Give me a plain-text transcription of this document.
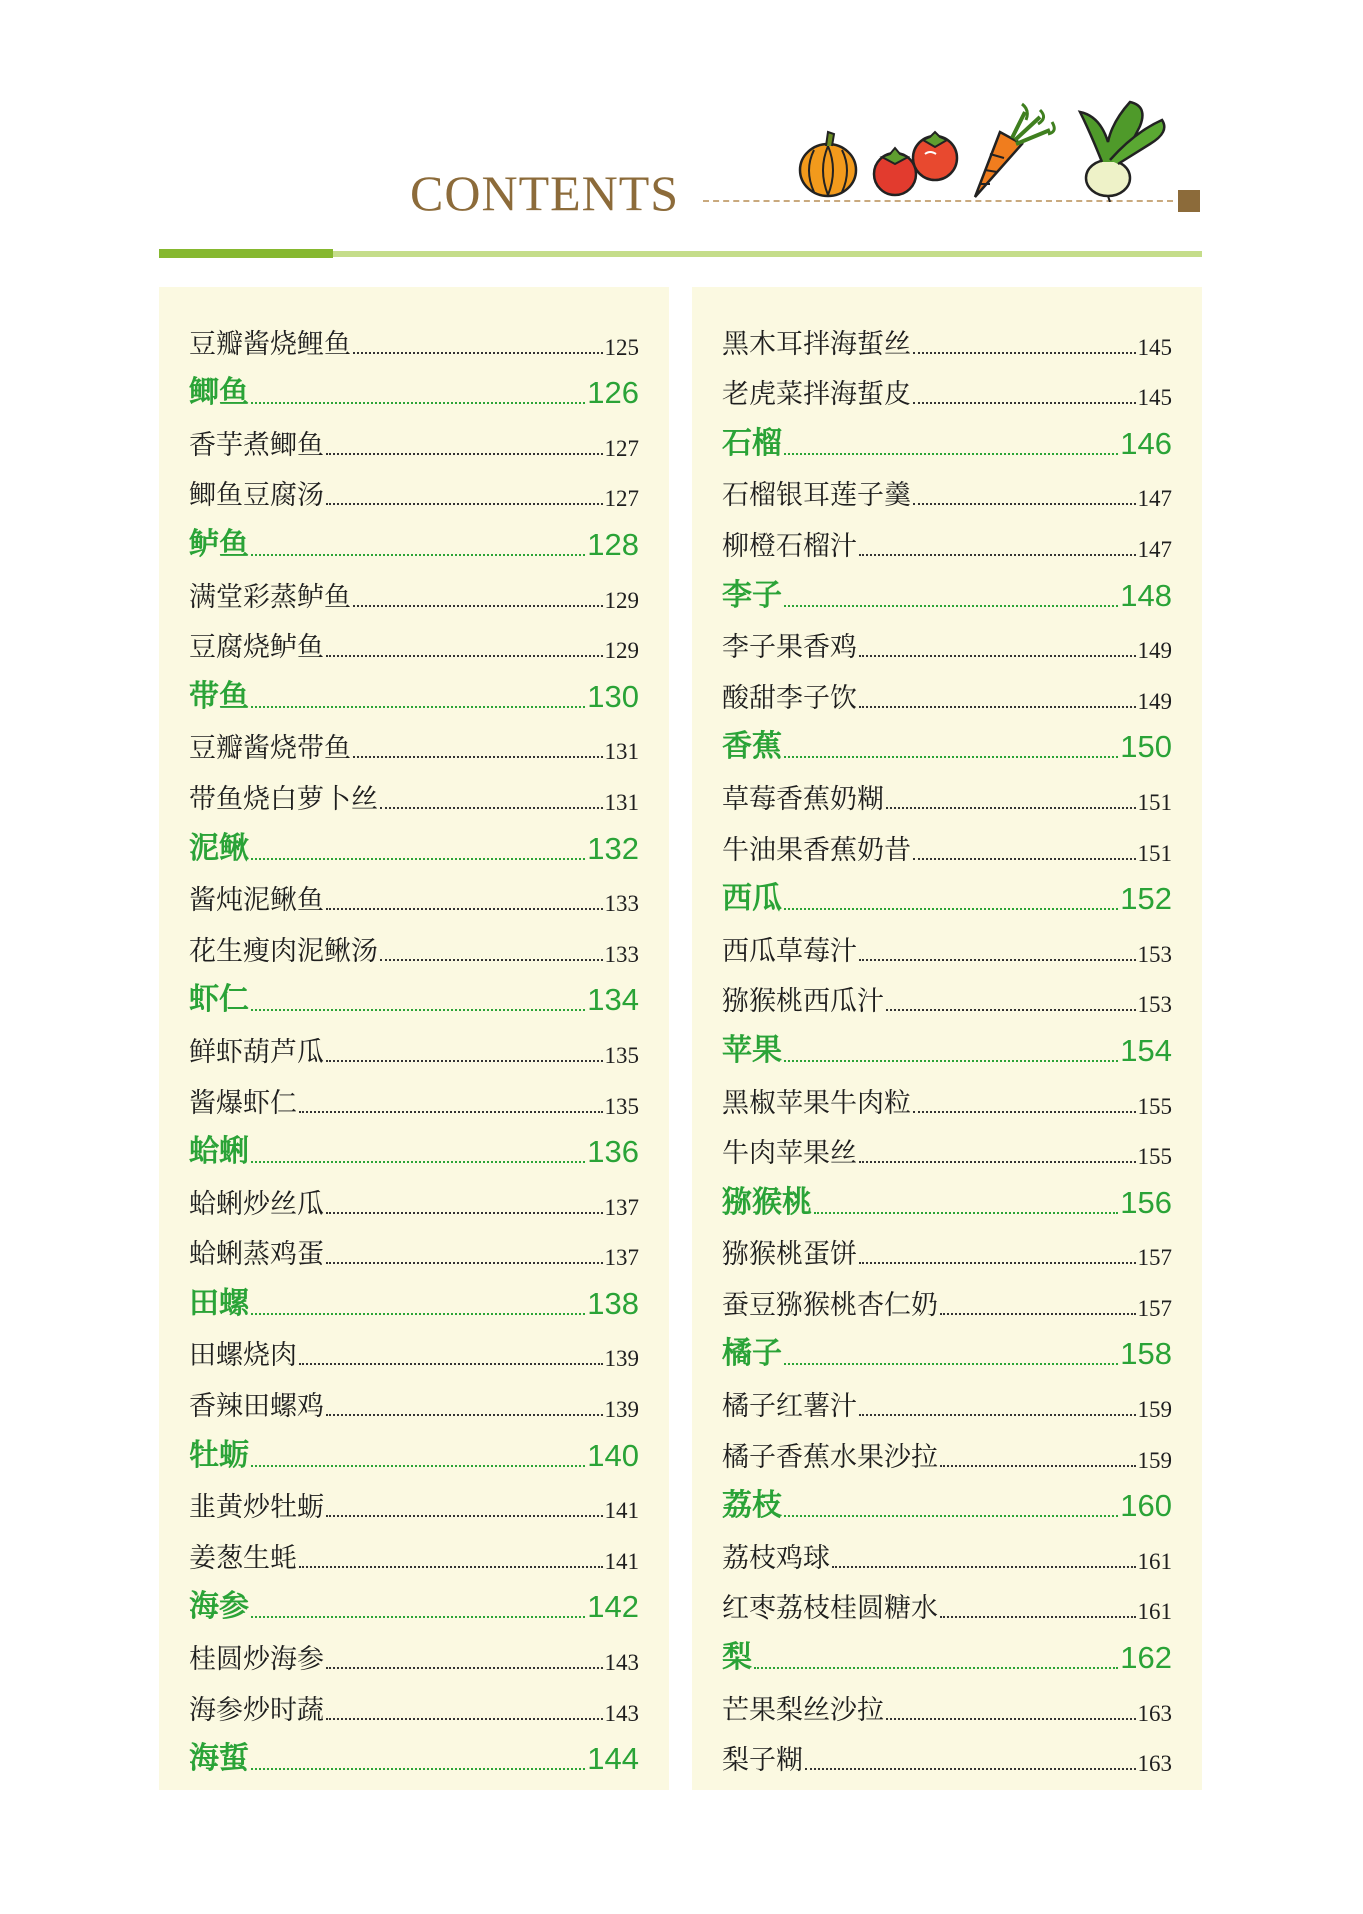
CONTENTS
豆瓣酱烧鲤鱼	125
鲫鱼	126
香芋煮鲫鱼	127
鲫鱼豆腐汤	127
鲈鱼	128
满堂彩蒸鲈鱼	129
豆腐烧鲈鱼	129
带鱼	130
豆瓣酱烧带鱼	131
带鱼烧白萝卜丝	131
泥鳅	132
酱炖泥鳅鱼	133
花生瘦肉泥鳅汤	133
虾仁	134
鲜虾葫芦瓜	135
酱爆虾仁	135
蛤蜊	136
蛤蜊炒丝瓜	137
蛤蜊蒸鸡蛋	137
田螺	138
田螺烧肉	139
香辣田螺鸡	139
牡蛎	140
韭黄炒牡蛎	141
姜葱生蚝	141
海参	142
桂圆炒海参	143
海参炒时蔬	143
海蜇	144
黑木耳拌海蜇丝	145
老虎菜拌海蜇皮	145
石榴	146
石榴银耳莲子羹	147
柳橙石榴汁	147
李子	148
李子果香鸡	149
酸甜李子饮	149
香蕉	150
草莓香蕉奶糊	151
牛油果香蕉奶昔	151
西瓜	152
西瓜草莓汁	153
猕猴桃西瓜汁	153
苹果	154
黑椒苹果牛肉粒	155
牛肉苹果丝	155
猕猴桃	156
猕猴桃蛋饼	157
蚕豆猕猴桃杏仁奶	157
橘子	158
橘子红薯汁	159
橘子香蕉水果沙拉	159
荔枝	160
荔枝鸡球	161
红枣荔枝桂圆糖水	161
梨	162
芒果梨丝沙拉	163
梨子糊	163
